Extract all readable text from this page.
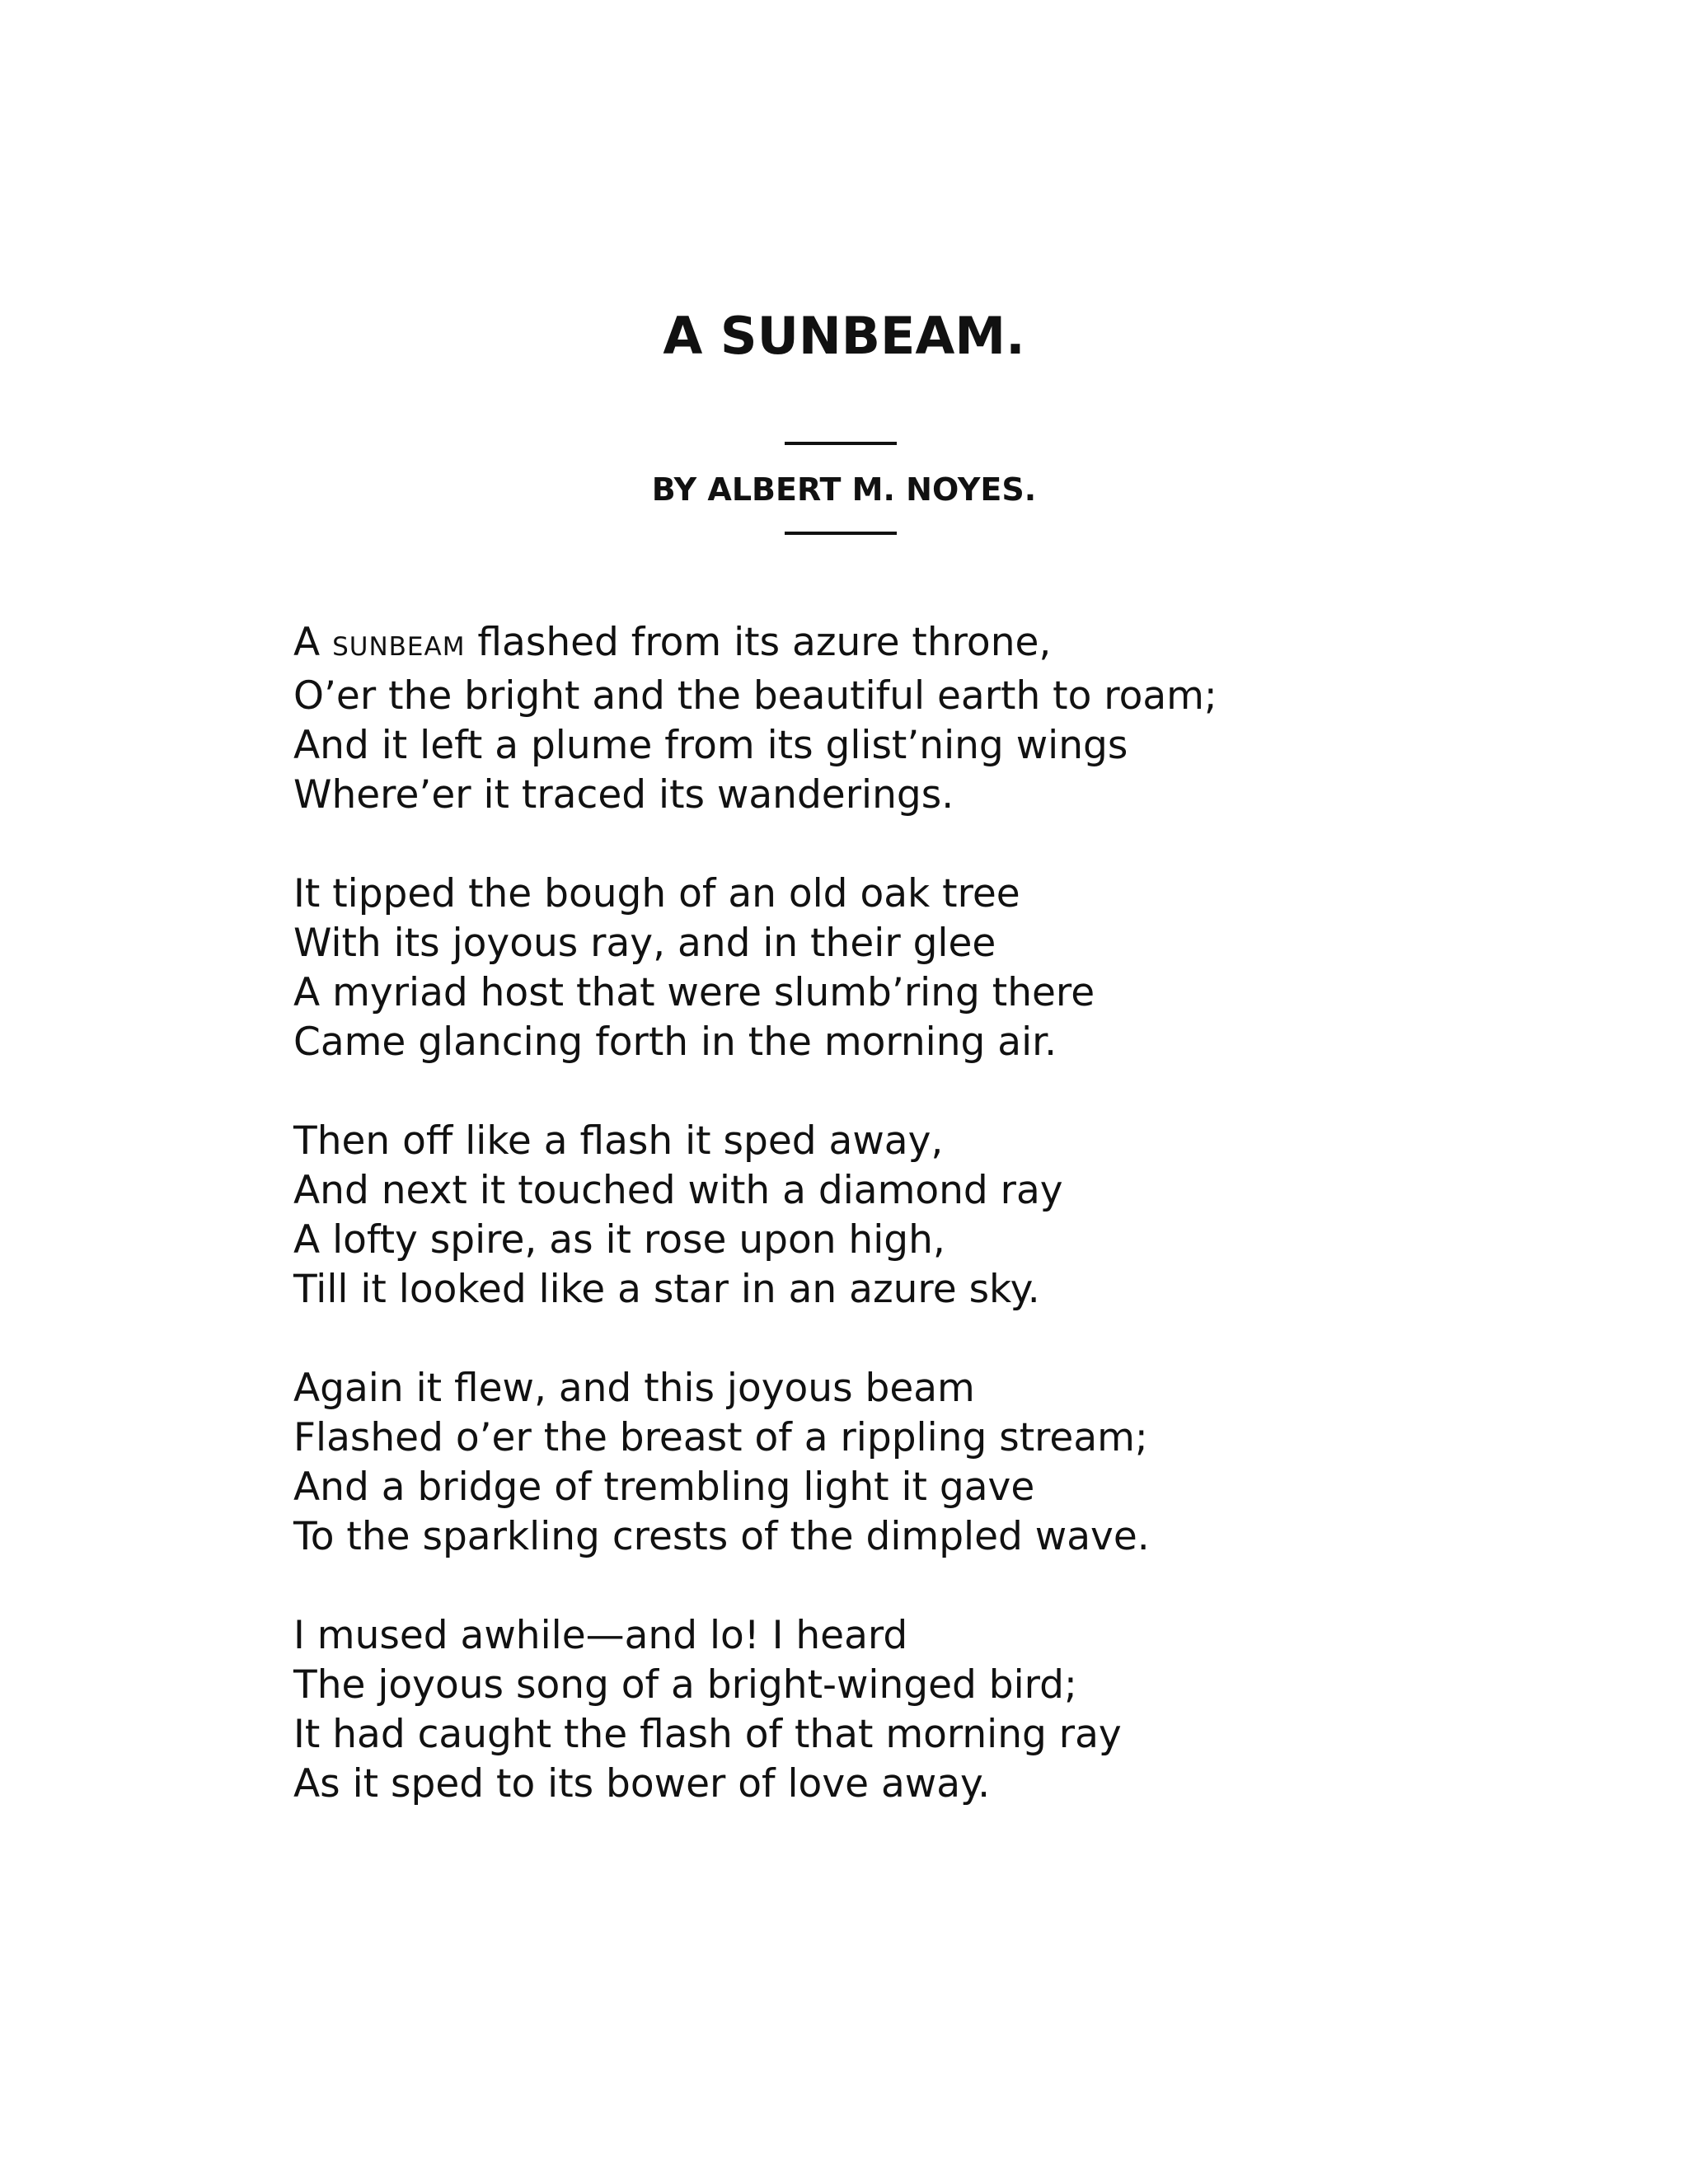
A SUNBEAM.
BY ALBERT M. NOYES.
A SUNBEAM flashed from its azure throne,
O’er the bright and the beautiful earth to roam;
And it left a plume from its glist’ning wings
Where’er it traced its wanderings.
It tipped the bough of an old oak tree
With its joyous ray, and in their glee
A myriad host that were slumb’ring there
Came glancing forth in the morning air.
Then off like a flash it sped away,
And next it touched with a diamond ray
A lofty spire, as it rose upon high,
Till it looked like a star in an azure sky.
Again it flew, and this joyous beam
Flashed o’er the breast of a rippling stream;
And a bridge of trembling light it gave
To the sparkling crests of the dimpled wave.
I mused awhile—and lo! I heard
The joyous song of a bright-winged bird;
It had caught the flash of that morning ray
As it sped to its bower of love away.
